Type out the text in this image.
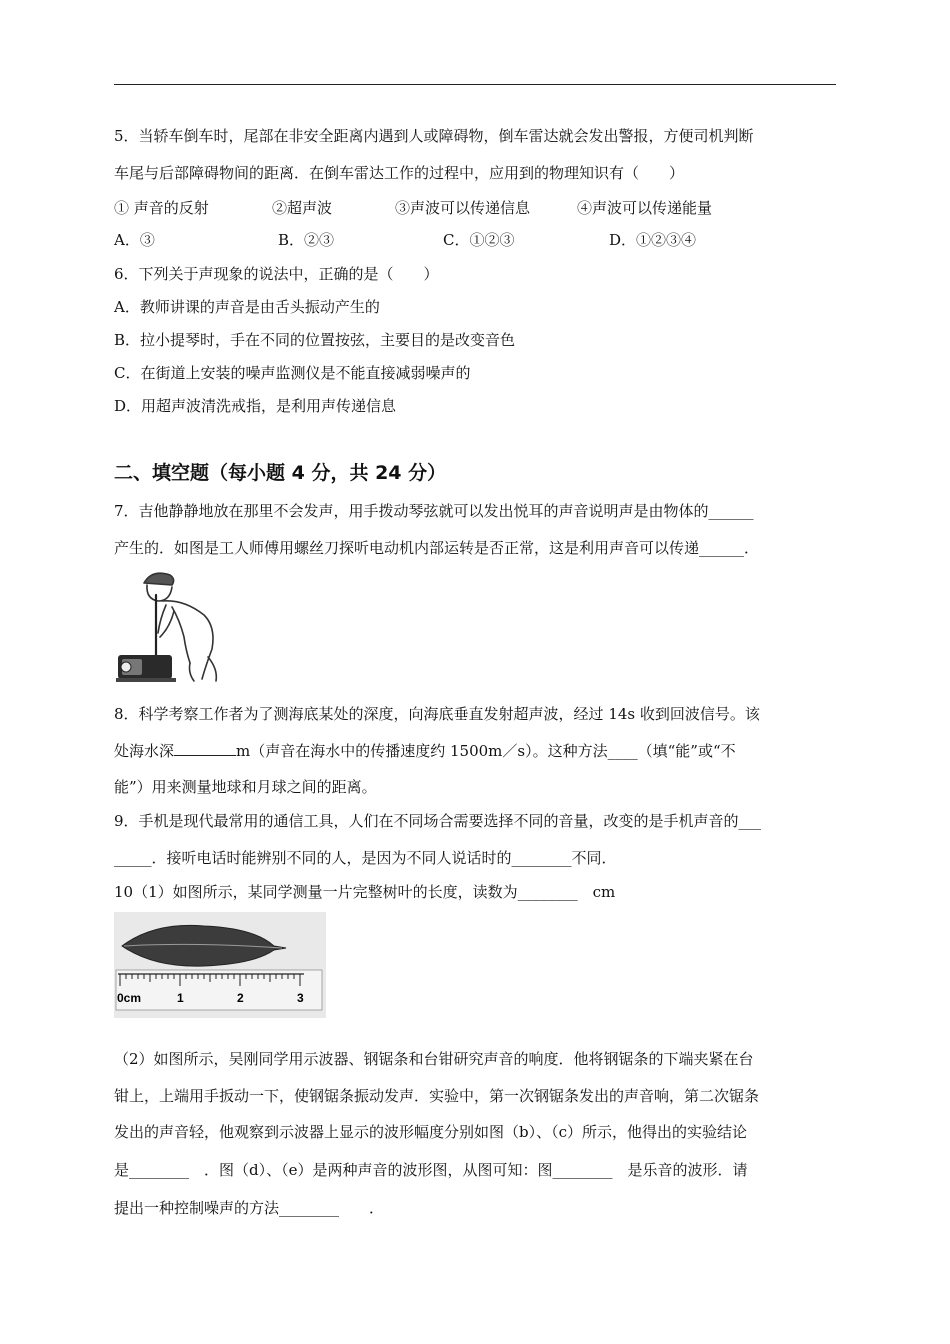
5．当轿车倒车时，尾部在非安全距离内遇到人或障碍物，倒车雷达就会发出警报，方便司机判断
车尾与后部障碍物间的距离．在倒车雷达工作的过程中，应用到的物理知识有（　　）
① 声音的反射	②超声波	③声波可以传递信息	④声波可以传递能量
A．③	B．②③	C．①②③	D．①②③④
6．下列关于声现象的说法中，正确的是（　　）
A．教师讲课的声音是由舌头振动产生的
B．拉小提琴时，手在不同的位置按弦，主要目的是改变音色
C．在街道上安装的噪声监测仪是不能直接减弱噪声的
D．用超声波清洗戒指，是利用声传递信息
二、填空题（每小题 4 分，共 24 分）
7．吉他静静地放在那里不会发声，用手拨动琴弦就可以发出悦耳的声音说明声是由物体的______
产生的．如图是工人师傅用螺丝刀探听电动机内部运转是否正常，这是利用声音可以传递______．
8．科学考察工作者为了测海底某处的深度，向海底垂直发射超声波，经过 14s 收到回波信号。该
处海水深	m（声音在海水中的传播速度约 1500m／s）。这种方法____（填“能”或“不
能”）用来测量地球和月球之间的距离。
9．手机是现代最常用的通信工具，人们在不同场合需要选择不同的音量，改变的是手机声音的___
_____．接听电话时能辨别不同的人，是因为不同人说话时的________不同．
10（1）如图所示，某同学测量一片完整树叶的长度，读数为________　cm
0cm	1	2	3
（2）如图所示，吴刚同学用示波器、钢锯条和台钳研究声音的响度．他将钢锯条的下端夹紧在台
钳上，上端用手扳动一下，使钢锯条振动发声．实验中，第一次钢锯条发出的声音响，第二次锯条
发出的声音轻，他观察到示波器上显示的波形幅度分别如图（b）、（c）所示，他得出的实验结论
是________　．图（d）、（e）是两种声音的波形图，从图可知：图________　是乐音的波形．请
提出一种控制噪声的方法________　　．
